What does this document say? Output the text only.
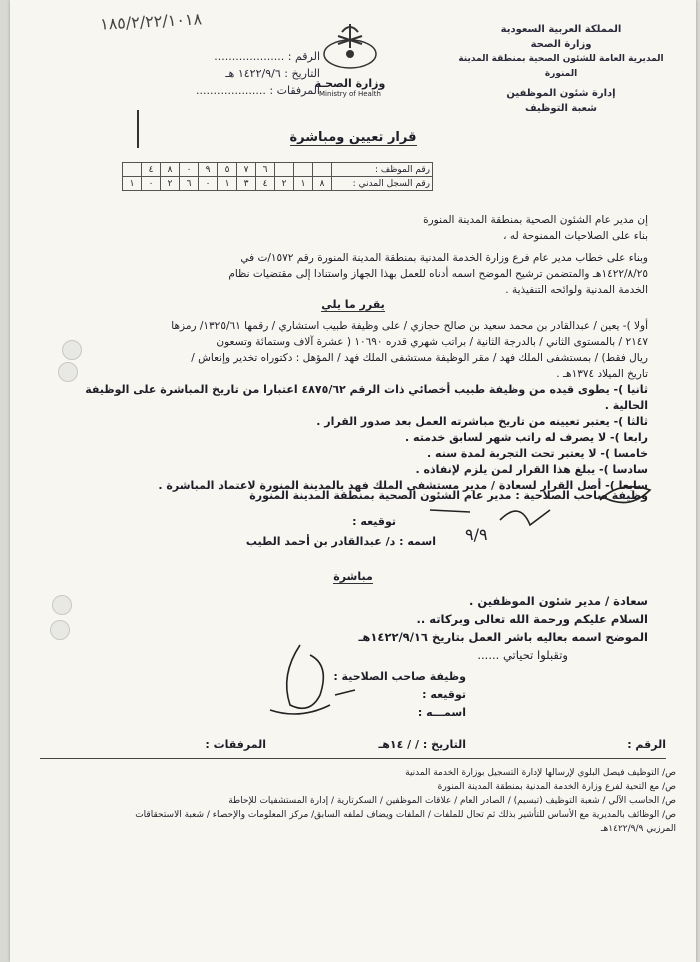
المملكة العربية السعودية
وزارة الصحة
المديرية العامة للشئون الصحية بمنطقة المدينة المنورة
إدارة شئون الموظفين
شعبة التوظيف
وزارة الصحـة
Ministry of Health
١٨٥/٢/٢٢/١٠١٨
الرقم : ....................
التاريخ : ١٤٢٢/٩/٦ هـ
المرفقات : ....................
قرار تعيين ومباشرة
	٤	٨	٠	٩	٥	٧	٦				رقم الموظف :
١	٠	٢	٦	٠	١	٣	٤	٢	١	٨	رقم السجل المدني :
إن مدير عام الشئون الصحية بمنطقة المدينة المنورة
بناء على الصلاحيات الممنوحة له ،
وبناء على خطاب مدير عام فرع وزارة الخدمة المدنية بمنطقة المدينة المنورة رقم ١٥٧٢/ت في
١٤٢٢/٨/٢٥هـ والمتضمن ترشيح الموضح اسمه أدناه للعمل بهذا الجهاز واستنادا إلى مقتضيات نظام
الخدمة المدنية ولوائحه التنفيذية .
يقرر ما يلي
أولا )- يعين / عبدالقادر بن محمد سعيد بن صالح حجازي / على وظيفة طبيب استشاري / رقمها ١٣٢٥/٦١/ رمزها
٢١٤٧ / بالمستوى الثاني / بالدرجة الثانية / براتب شهري قدره ١٠٦٩٠ ( عشرة آلاف وستمائة وتسعون
ريال فقط) / بمستشفى الملك فهد / مقر الوظيفة مستشفى الملك فهد / المؤهل : دكتوراه تخدير وإنعاش /
تاريخ الميلاد ١٣٧٤هـ .
ثانيا )- يطوى قيده من وظيفة طبيب أخصائي ذات الرقم ٤٨٧٥/٦٢ اعتبارا من تاريخ المباشرة على الوظيفة الحالية .
ثالثا )- يعتبر تعيينه من تاريخ مباشرته العمل بعد صدور القرار .
رابعا )- لا يصرف له راتب شهر لسابق خدمته .
خامسا )- لا يعتبر تحت التجربة لمدة سنه .
سادسا )- يبلغ هذا القرار لمن يلزم لإنفاذه .
سابعا )- أصل القرار لسعادة / مدير مستشفى الملك فهد بالمدينة المنورة لاعتماد المباشرة .
وظيفة صاحب الصلاحية : مدير عام الشئون الصحية بمنطقة المدينة المنورة
توقيعه :
اسمه : د/ عبدالقادر بن أحمد الطيب ٩/٩
مباشرة
سعادة / مدير شئون الموظفين .
السلام عليكم ورحمة الله تعالى وبركاته ..
الموضح اسمه بعاليه باشر العمل بتاريخ ١٤٢٢/٩/١٦هـ
وتقبلوا تحياتي ......
وظيفة صاحب الصلاحية :
توقيعه :
اسمـــه :
الرقم :
التاريخ : / / ١٤هـ
المرفقات :
ص/ التوظيف فيصل البلوي لإرسالها لإدارة التسجيل بوزارة الخدمة المدنية
ص/ مع التحية لفرع وزارة الخدمة المدنية بمنطقة المدينة المنورة
ص/ الحاسب الآلي / شعبة التوظيف (تبسيم) / الصادر العام / علاقات الموظفين / السكرتارية / إدارة المستشفيات للإحاطة
ص/ الوظائف بالمديرية مع الأساس للتأشير بذلك ثم تحال للملفات / الملفات ويضاف لملفه السابق/ مركز المعلومات والإحصاء / شعبة الاستحقاقات
المرزبي ١٤٢٢/٩/٩هـ
